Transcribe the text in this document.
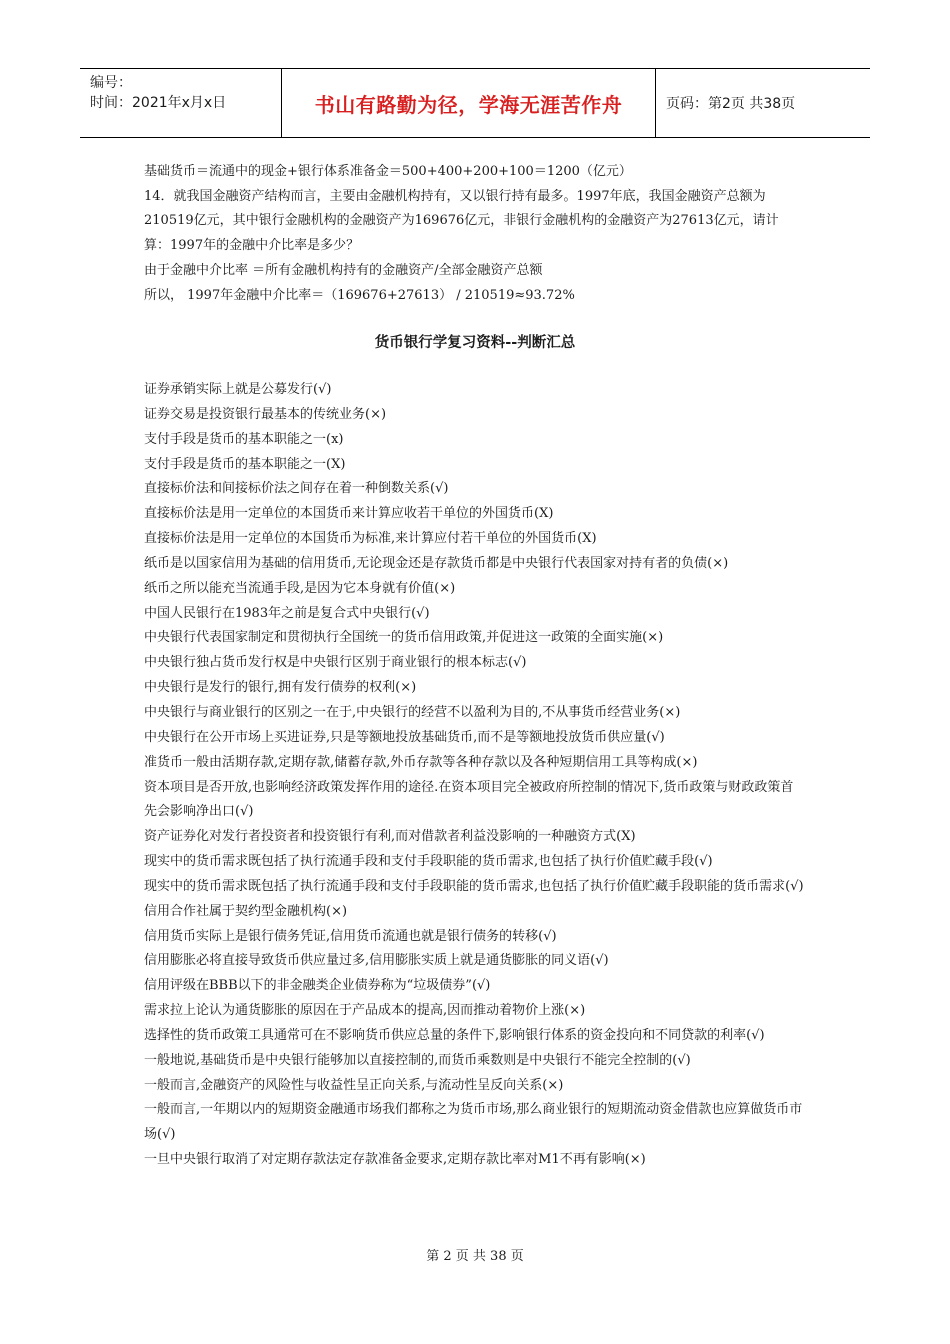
编号：
时间：2021年x月x日	书山有路勤为径，学海无涯苦作舟	页码：第2页 共38页

基础货币＝流通中的现金+银行体系准备金＝500+400+200+100＝1200（亿元）

14．就我国金融资产结构而言，主要由金融机构持有，又以银行持有最多。1997年底，我国金融资产总额为210519亿元，其中银行金融机构的金融资产为169676亿元，非银行金融机构的金融资产为27613亿元，请计算：1997年的金融中介比率是多少？

由于金融中介比率 ＝所有金融机构持有的金融资产/全部金融资产总额

所以， 1997年金融中介比率＝（169676+27613） / 210519≈93.72%

货币银行学复习资料--判断汇总

证券承销实际上就是公募发行(√)

证券交易是投资银行最基本的传统业务(×)

支付手段是货币的基本职能之一(x)

支付手段是货币的基本职能之一(X)

直接标价法和间接标价法之间存在着一种倒数关系(√)

直接标价法是用一定单位的本国货币来计算应收若干单位的外国货币(X)

直接标价法是用一定单位的本国货币为标准,来计算应付若干单位的外国货币(X)

纸币是以国家信用为基础的信用货币,无论现金还是存款货币都是中央银行代表国家对持有者的负债(×)

纸币之所以能充当流通手段,是因为它本身就有价值(×)

中国人民银行在1983年之前是复合式中央银行(√)

中央银行代表国家制定和贯彻执行全国统一的货币信用政策,并促进这一政策的全面实施(×)

中央银行独占货币发行权是中央银行区别于商业银行的根本标志(√)

中央银行是发行的银行,拥有发行债券的权利(×)

中央银行与商业银行的区别之一在于,中央银行的经营不以盈利为目的,不从事货币经营业务(×)

中央银行在公开市场上买进证券,只是等额地投放基础货币,而不是等额地投放货币供应量(√)

准货币一般由活期存款,定期存款,储蓄存款,外币存款等各种存款以及各种短期信用工具等构成(×)

资本项目是否开放,也影响经济政策发挥作用的途径.在资本项目完全被政府所控制的情况下,货币政策与财政政策首先会影响净出口(√)

资产证券化对发行者投资者和投资银行有利,而对借款者利益没影响的一种融资方式(X)

现实中的货币需求既包括了执行流通手段和支付手段职能的货币需求,也包括了执行价值贮藏手段(√)

现实中的货币需求既包括了执行流通手段和支付手段职能的货币需求,也包括了执行价值贮藏手段职能的货币需求(√)

信用合作社属于契约型金融机构(×)

信用货币实际上是银行债务凭证,信用货币流通也就是银行债务的转移(√)

信用膨胀必将直接导致货币供应量过多,信用膨胀实质上就是通货膨胀的同义语(√)

信用评级在BBB以下的非金融类企业债券称为“垃圾债券”(√)

需求拉上论认为通货膨胀的原因在于产品成本的提高,因而推动着物价上涨(×)

选择性的货币政策工具通常可在不影响货币供应总量的条件下,影响银行体系的资金投向和不同贷款的利率(√)

一般地说,基础货币是中央银行能够加以直接控制的,而货币乘数则是中央银行不能完全控制的(√)

一般而言,金融资产的风险性与收益性呈正向关系,与流动性呈反向关系(×)

一般而言,一年期以内的短期资金融通市场我们都称之为货币市场,那么商业银行的短期流动资金借款也应算做货币市场(√)

一旦中央银行取消了对定期存款法定存款准备金要求,定期存款比率对M1不再有影响(×)

第 2 页 共 38 页
